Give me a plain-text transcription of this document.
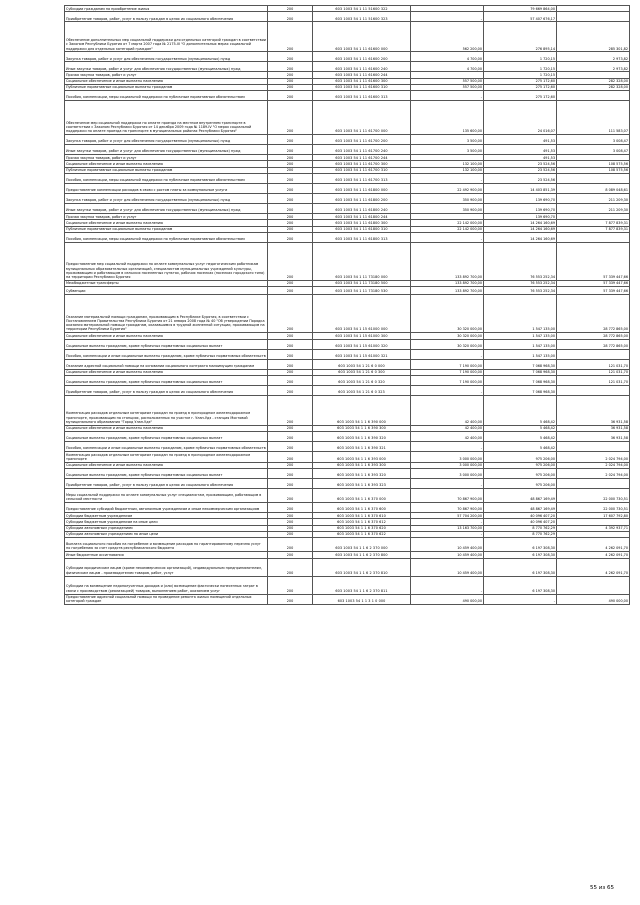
Субсидии гражданам на приобретение жилья	200	603 1003 54 1 11 51600 322		79 669 864,00	
Приобретение товаров, работ, услуг в пользу граждан в целях их социального обеспечения	200	603 1003 54 1 11 51600 323	-	57 407 676,17	
Обеспечение дополнительных мер социальной поддержки для отдельных категорий граждан в соответствии с Законом Республики Бурятия от 7 марта 2007 года № 2175-III "О дополнительных мерах социальной поддержки для отдельных категорий граждан"	200	603 1003 54 1 11 61600 000	562 200,00	276 895,14	285 301,82
Закупка товаров, работ и услуг для обеспечения государственных (муниципальных) нужд	200	603 1003 54 1 11 61600 200	4 700,00	1 720,15	2 973,82
Иные закупки товаров, работ и услуг для обеспечения государственных (муниципальных) нужд	200	603 1003 54 1 11 61600 240	4 700,00	1 720,15	2 973,82
Прочая закупка товаров, работ и услуг	200	603 1003 54 1 11 61600 244		1 720,15	
Социальное обеспечение и иные выплаты населению	200	603 1003 54 1 11 61600 300	557 500,00	275 172,60	282 328,00
Публичные нормативные социальные выплаты гражданам	200	603 1003 54 1 11 61600 310	557 500,00	275 172,60	282 328,00
Пособия, компенсации, меры социальной поддержки по публичным нормативным обязательствам	200	603 1003 54 1 11 61600 313	-	275 172,60	
Обеспечение мер социальной поддержки по оплате проезда на местном внутреннем транспорте в соответствии с Законом Республики Бурятия от 14 декабря 2009 года № 1189-IV "О мерах социальной поддержки по оплате проезда на транспорте в муниципальных районах Республики Бурятия"	200	603 1003 54 1 11 61700 000	135 600,00	24 016,07	111 583,07
Закупка товаров, работ и услуг для обеспечения государственных (муниципальных) нужд	200	603 1003 54 1 11 61700 200	3 500,00	491,53	3 008,47
Иные закупки товаров, работ и услуг для обеспечения государственных (муниципальных) нужд	200	603 1003 54 1 11 61700 240	3 500,00	491,53	3 008,47
Прочая закупка товаров, работ и услуг	200	603 1003 54 1 11 61700 244		491,53	
Социальное обеспечение и иные выплаты населению	200	603 1003 54 1 11 61700 300	132 100,00	23 524,56	108 575,56
Публичные нормативные социальные выплаты гражданам	200	603 1003 54 1 11 61700 310	132 100,00	23 524,56	108 575,56
Пособия, компенсации, меры социальной поддержки по публичным нормативным обязательствам	200	603 1003 54 1 11 61700 313	-	23 524,56	
Предоставление компенсации расходов в связи с ростом платы за коммунальные услуги	200	603 1003 54 1 11 61800 000	22 492 900,00	14 403 851,39	8 089 048,61
Закупка товаров, работ и услуг для обеспечения государственных (муниципальных) нужд	200	603 1003 54 1 11 61800 200	350 900,00	139 690,70	211 209,30
Иные закупки товаров, работ и услуг для обеспечения государственных (муниципальных) нужд	200	603 1003 54 1 11 61800 240	350 900,00	139 690,70	211 209,30
Прочая закупка товаров, работ и услуг	200	603 1003 54 1 11 61800 244		139 690,70	
Социальное обеспечение и иные выплаты населению	200	603 1003 54 1 11 61800 300	22 142 000,00	14 264 160,69	7 877 839,31
Публичные нормативные социальные выплаты гражданам	200	603 1003 54 1 11 61800 310	22 142 000,00	14 264 160,69	7 877 839,31
Пособия, компенсации, меры социальной поддержки по публичным нормативным обязательствам	200	603 1003 54 1 11 61800 313	-	14 264 160,69	
Предоставление мер социальной поддержки по оплате коммунальных услуг педагогическим работникам муниципальных образовательных организаций, специалистам муниципальных учреждений культуры, проживающим и работающим в сельских населенных пунктах, рабочих поселках (поселках городского типа) на территории Республики Бурятия	200	603 1003 54 1 11 73180 000	133 892 700,00	76 553 252,34	57 339 447,66
Межбюджетные трансферты	200	603 1003 54 1 11 73180 500	133 892 700,00	76 553 252,34	57 339 447,66
Субвенции	200	603 1003 54 1 11 73180 530	133 892 700,00	76 553 252,34	57 339 447,66
Оказание материальной помощи гражданам, проживающим в Республике Бурятия, в соответствии с Постановлением Правительства Республики Бурятия от 21 января 2008 года № 40 "Об утверждении Порядка оказания материальной помощи гражданам, оказавшимся в трудной жизненной ситуации, проживающим на территории Республики Бурятия"	200	603 1003 54 1 15 61000 000	30 320 000,00	1 547 135,00	28 772 865,00
Социальное обеспечение и иные выплаты населению	200	603 1003 54 1 15 61000 300	30 320 000,00	1 547 135,00	28 772 865,00
Социальные выплаты гражданам, кроме публичных нормативных социальных выплат	200	603 1003 54 1 15 61000 320	30 320 000,00	1 547 135,00	28 772 865,00
Пособия, компенсации и иные социальные выплаты гражданам, кроме публичных нормативных обязательств	200	603 1003 54 1 15 61000 321	-	1 547 135,00	
Оказание адресной социальной помощи на основании социального контракта малоимущим гражданам	200	603 1003 54 1 21 6 0 000	7 190 000,00	7 068 968,30	121 031,70
Социальное обеспечение и иные выплаты населению	200	603 1003 54 1 21 6 0 300	7 190 000,00	7 068 968,30	121 031,70
Социальные выплаты гражданам, кроме публичных нормативных социальных выплат	200	603 1003 54 1 21 6 0 320	7 190 000,00	7 068 968,30	121 031,70
Приобретение товаров, работ, услуг в пользу граждан в целях их социального обеспечения	200	603 1003 54 1 21 6 0 323	-	7 068 968,30	
Компенсация расходов отдельным категориям граждан на проезд в пригородном железнодорожном транспорте, проживающим на станциях, расположенных на участке г. Улан-Удэ - станция Мостовой муниципального образования "Город Улан-Удэ"	200	603 1003 54 1 1 6 390 000	42 400,00	5 468,42	36 931,58
Социальное обеспечение и иные выплаты населению	200	603 1003 54 1 1 6 390 300	42 400,00	5 468,42	36 931,58
Социальные выплаты гражданам, кроме публичных нормативных социальных выплат	200	603 1003 54 1 1 6 390 320	42 400,00	5 468,42	36 931,58
Пособия, компенсации и иные социальные выплаты гражданам, кроме публичных нормативных обязательств	200	603 1003 54 1 1 6 390 321	-	5 468,42	
Компенсация расходов отдельным категориям граждан на проезд в пригородном железнодорожном транспорте	200	603 1003 54 1 1 6 393 000	3 000 000,00	975 206,00	2 024 794,00
Социальное обеспечение и иные выплаты населению	200	603 1003 54 1 1 6 393 300	3 000 000,00	975 206,00	2 024 794,00
Социальные выплаты гражданам, кроме публичных нормативных социальных выплат	200	603 1003 54 1 1 6 393 320	3 000 000,00	975 206,00	2 024 794,00
Приобретение товаров, работ, услуг в пользу граждан в целях их социального обеспечения	200	603 1003 54 1 1 6 393 323	-	975 206,00	
Меры социальной поддержки по оплате коммунальных услуг специалистам, проживающим, работающим в сельской местности	200	603 1003 54 1 1 6 370 000	70 867 900,00	48 867 169,49	22 000 730,51
Предоставление субсидий бюджетным, автономным учреждениям и иным некоммерческим организациям	200	603 1003 54 1 1 6 370 600	70 867 900,00	48 867 169,49	22 000 730,51
Субсидии бюджетным учреждениям	200	603 1003 54 1 1 6 370 610	57 704 200,00	40 096 407,20	17 607 792,80
Субсидии бюджетным учреждениям на иные цели	200	603 1003 54 1 1 6 370 612	-	40 096 407,20	
Субсидии автономным учреждениям	200	603 1003 54 1 1 6 370 620	13 163 700,00	8 770 762,29	4 392 937,71
Субсидии автономным учреждениям на иные цели	200	603 1003 54 1 1 6 370 622	-	8 770 762,29	
Выплата социального пособия на погребение и возмещение расходов по гарантированному перечню услуг по погребению за счет средств республиканского бюджета	200	603 1003 54 1 1 6 2 370 000	10 459 400,00	6 197 308,30	4 262 091,70
Иные бюджетные ассигнования	200	603 1003 54 1 1 6 2 370 800	10 459 400,00	6 197 308,30	4 262 091,70
Субсидии юридическим лицам (кроме некоммерческих организаций), индивидуальным предпринимателям, физическим лицам - производителям товаров, работ, услуг	200	603 1003 54 1 1 6 2 370 810	10 459 400,00	6 197 308,30	4 262 091,70
Субсидии на возмещение недополученных доходов и (или) возмещение фактически понесенных затрат в связи с производством (реализацией) товаров, выполнением работ, оказанием услуг	200	603 1003 54 1 1 6 2 370 811	-	6 197 308,30	
Предоставление адресной социальной помощи на проведение ремонта жилых помещений отдельных категорий граждан	200	603 1003 54 1 1 3 1 0 000	490 000,00	-	490 000,00
55 из 65
